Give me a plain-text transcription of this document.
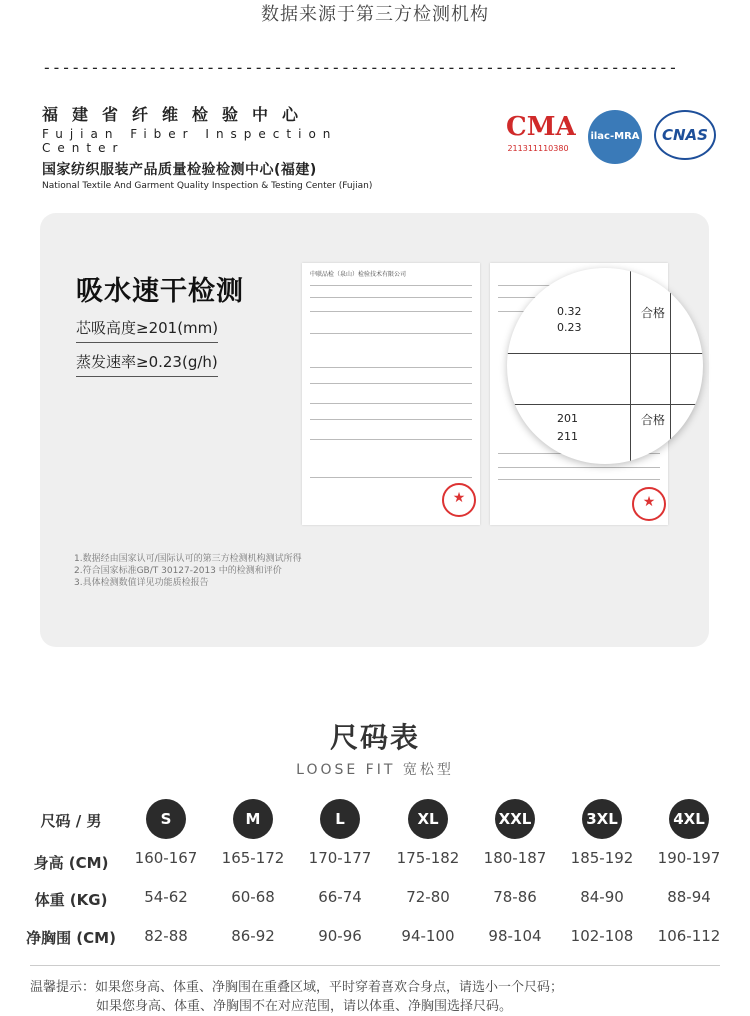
数据来源于第三方检测机构
------------------------------------------------------------------
福建省纤维检验中心
Fujian Fiber Inspection Center
国家纺织服装产品质量检验检测中心(福建)
National Textile And Garment Quality Inspection & Testing Center (Fujian)
CMA
211311110380
ilac-MRA	CNAS
吸水速干检测
芯吸高度≥201(mm)
蒸发速率≥0.23(g/h)
中联品检（泉山）检验技术有限公司
★	★
0.32
0.23
合格
201
211
合格
1.数据经由国家认可/国际认可的第三方检测机构测试所得
2.符合国家标准GB/T 30127-2013 中的检测和评价
3.具体检测数值详见功能质检报告
尺码表
LOOSE FIT 宽松型
尺码 / 男
身高 (CM)
体重 (KG)
净胸围 (CM)
S
160-167
54-62
82-88
M
165-172
60-68
86-92
L
170-177
66-74
90-96
XL
175-182
72-80
94-100
XXL
180-187
78-86
98-104
3XL
185-192
84-90
102-108
4XL
190-197
88-94
106-112
温馨提示：如果您身高、体重、净胸围在重叠区域，平时穿着喜欢合身点，请选小一个尺码；
如果您身高、体重、净胸围不在对应范围，请以体重、净胸围选择尺码。
